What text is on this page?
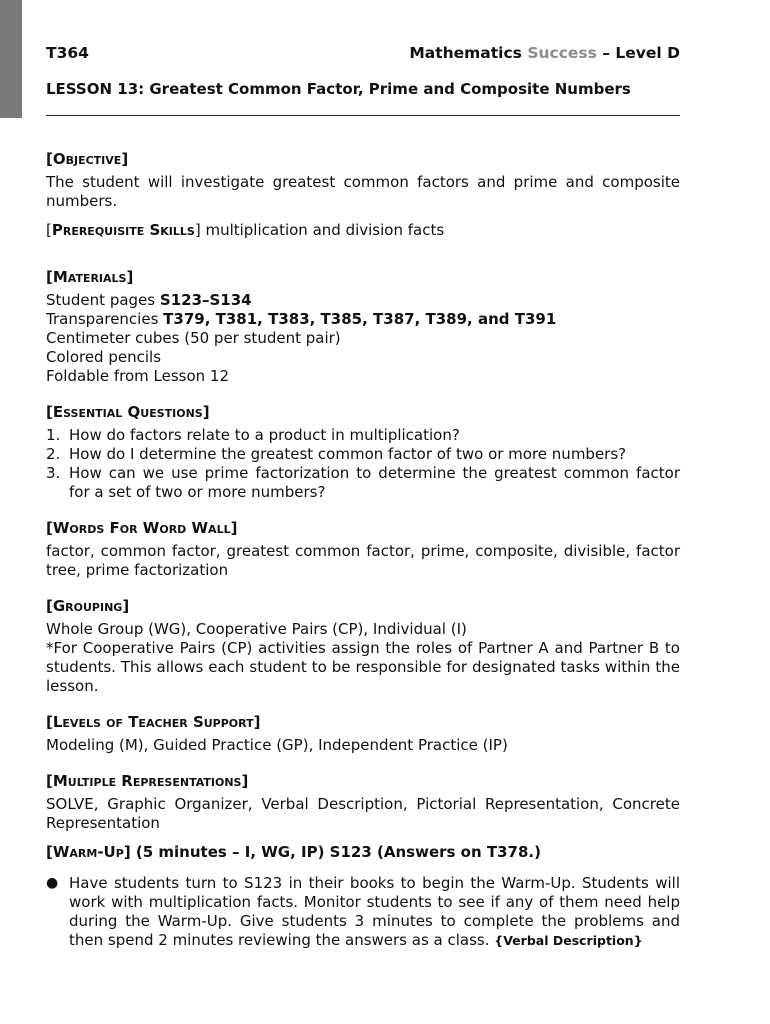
T364	Mathematics Success – Level D
LESSON 13: Greatest Common Factor, Prime and Composite Numbers
[Objective]

The student will investigate greatest common factors and prime and composite numbers.

[Prerequisite Skills] multiplication and division facts

[Materials]

Student pages S123–S134

Transparencies T379, T381, T383, T385, T387, T389, and T391

Centimeter cubes (50 per student pair)

Colored pencils

Foldable from Lesson 12

[Essential Questions]
1. How do factors relate to a product in multiplication?
2. How do I determine the greatest common factor of two or more numbers?
3. How can we use prime factorization to determine the greatest common factor for a set of two or more numbers?
[Words For Word Wall]

factor, common factor, greatest common factor, prime, composite, divisible, factor tree, prime factorization

[Grouping]

Whole Group (WG), Cooperative Pairs (CP), Individual (I)

*For Cooperative Pairs (CP) activities assign the roles of Partner A and Partner B to students. This allows each student to be responsible for designated tasks within the lesson.

[Levels of Teacher Support]

Modeling (M), Guided Practice (GP), Independent Practice (IP)

[Multiple Representations]

SOLVE, Graphic Organizer, Verbal Description, Pictorial Representation, Concrete Representation

[Warm-Up] (5 minutes – I, WG, IP) S123 (Answers on T378.)
● Have students turn to S123 in their books to begin the Warm-Up. Students will work with multiplication facts. Monitor students to see if any of them need help during the Warm-Up. Give students 3 minutes to complete the problems and then spend 2 minutes reviewing the answers as a class. {Verbal Description}
